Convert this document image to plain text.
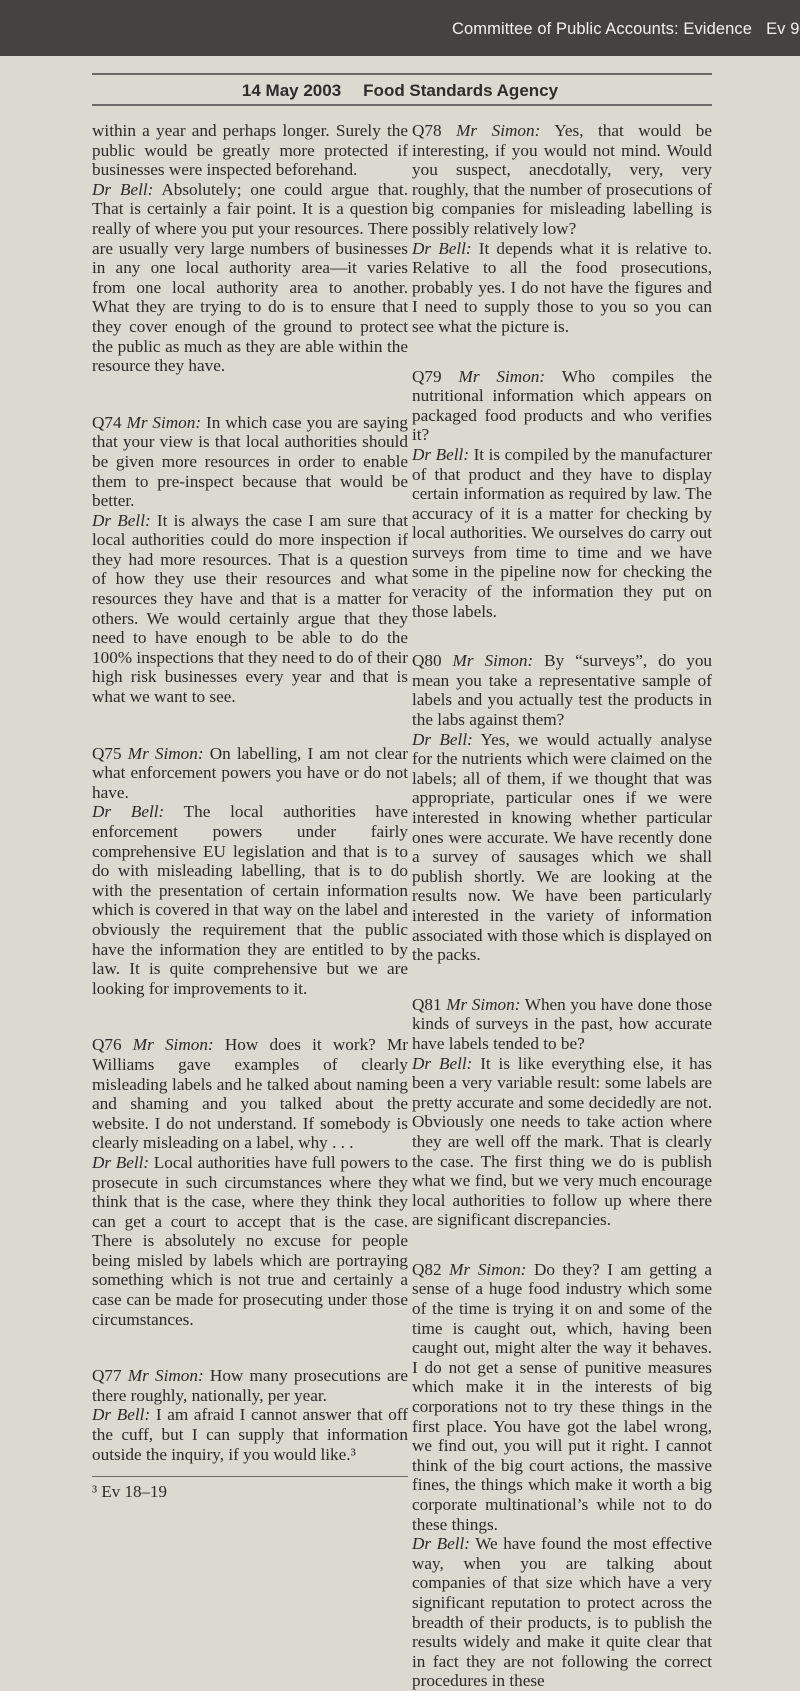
Committee of Public Accounts: Evidence   Ev 9
14 May 2003 Food Standards Agency

within a year and perhaps longer. Surely the public would be greatly more protected if businesses were inspected beforehand.

Dr Bell: Absolutely; one could argue that. That is certainly a fair point. It is a question really of where you put your resources. There are usually very large numbers of businesses in any one local authority area—it varies from one local authority area to another. What they are trying to do is to ensure that they cover enough of the ground to protect the public as much as they are able within the resource they have.

Q74 Mr Simon: In which case you are saying that your view is that local authorities should be given more resources in order to enable them to pre-inspect because that would be better.

Dr Bell: It is always the case I am sure that local authorities could do more inspection if they had more resources. That is a question of how they use their resources and what resources they have and that is a matter for others. We would certainly argue that they need to have enough to be able to do the 100% inspections that they need to do of their high risk businesses every year and that is what we want to see.

Q75 Mr Simon: On labelling, I am not clear what enforcement powers you have or do not have.

Dr Bell: The local authorities have enforcement powers under fairly comprehensive EU legislation and that is to do with misleading labelling, that is to do with the presentation of certain information which is covered in that way on the label and obviously the requirement that the public have the information they are entitled to by law. It is quite comprehensive but we are looking for improvements to it.

Q76 Mr Simon: How does it work? Mr Williams gave examples of clearly misleading labels and he talked about naming and shaming and you talked about the website. I do not understand. If somebody is clearly misleading on a label, why . . .

Dr Bell: Local authorities have full powers to prosecute in such circumstances where they think that is the case, where they think they can get a court to accept that is the case. There is absolutely no excuse for people being misled by labels which are portraying something which is not true and certainly a case can be made for prosecuting under those circumstances.

Q77 Mr Simon: How many prosecutions are there roughly, nationally, per year.

Dr Bell: I am afraid I cannot answer that off the cuff, but I can supply that information outside the inquiry, if you would like.³

³ Ev 18–19

Q78 Mr Simon: Yes, that would be interesting, if you would not mind. Would you suspect, anecdotally, very, very roughly, that the number of prosecutions of big companies for misleading labelling is possibly relatively low?

Dr Bell: It depends what it is relative to. Relative to all the food prosecutions, probably yes. I do not have the figures and I need to supply those to you so you can see what the picture is.

Q79 Mr Simon: Who compiles the nutritional information which appears on packaged food products and who verifies it?

Dr Bell: It is compiled by the manufacturer of that product and they have to display certain information as required by law. The accuracy of it is a matter for checking by local authorities. We ourselves do carry out surveys from time to time and we have some in the pipeline now for checking the veracity of the information they put on those labels.

Q80 Mr Simon: By “surveys”, do you mean you take a representative sample of labels and you actually test the products in the labs against them?

Dr Bell: Yes, we would actually analyse for the nutrients which were claimed on the labels; all of them, if we thought that was appropriate, particular ones if we were interested in knowing whether particular ones were accurate. We have recently done a survey of sausages which we shall publish shortly. We are looking at the results now. We have been particularly interested in the variety of information associated with those which is displayed on the packs.

Q81 Mr Simon: When you have done those kinds of surveys in the past, how accurate have labels tended to be?

Dr Bell: It is like everything else, it has been a very variable result: some labels are pretty accurate and some decidedly are not. Obviously one needs to take action where they are well off the mark. That is clearly the case. The first thing we do is publish what we find, but we very much encourage local authorities to follow up where there are significant discrepancies.

Q82 Mr Simon: Do they? I am getting a sense of a huge food industry which some of the time is trying it on and some of the time is caught out, which, having been caught out, might alter the way it behaves. I do not get a sense of punitive measures which make it in the interests of big corporations not to try these things in the first place. You have got the label wrong, we find out, you will put it right. I cannot think of the big court actions, the massive fines, the things which make it worth a big corporate multinational’s while not to do these things.

Dr Bell: We have found the most effective way, when you are talking about companies of that size which have a very significant reputation to protect across the breadth of their products, is to publish the results widely and make it quite clear that in fact they are not following the correct procedures in these
